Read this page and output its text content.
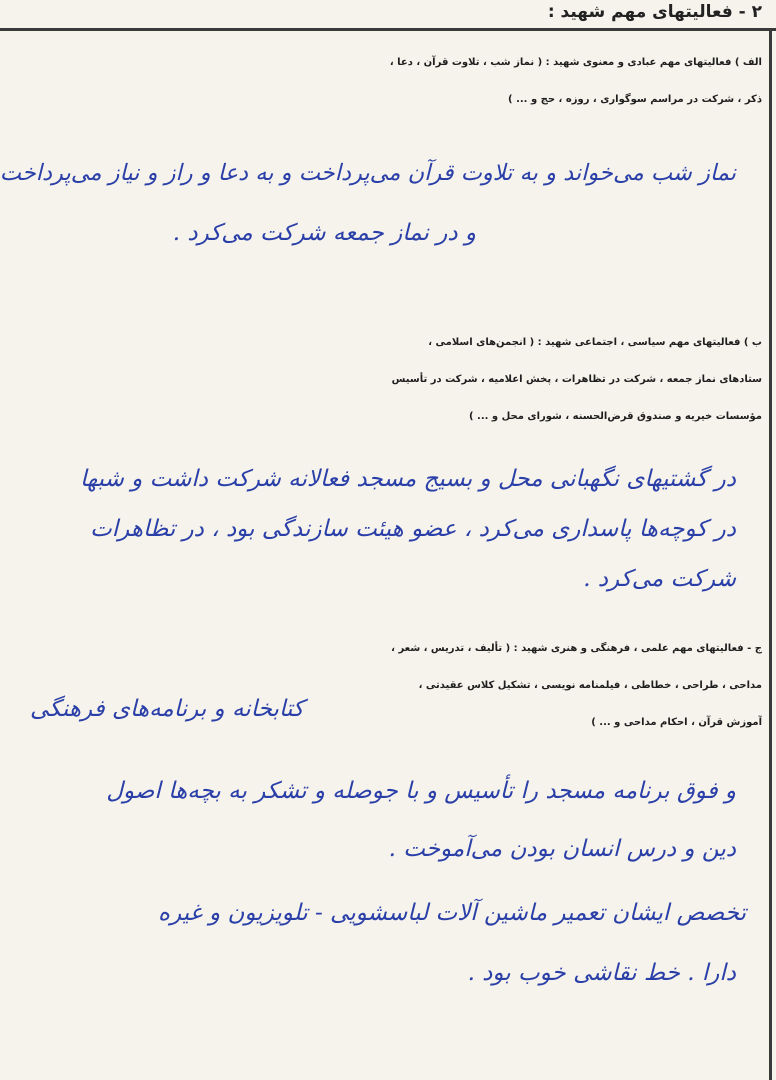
۲ - فعالیتهای مهم شهید :
الف ) فعالیتهای مهم عبادی و معنوی شهید : ( نماز شب ، تلاوت قرآن ، دعا ،
ذکر ، شرکت در مراسم سوگواری ، روزه ، حج و ... )
نماز شب می‌خواند و به تلاوت قرآن می‌پرداخت و به دعا و راز و نیاز می‌پرداخت
و در نماز جمعه شرکت می‌کرد .
ب ) فعالیتهای مهم سیاسی ، اجتماعی شهید : ( انجمن‌های اسلامی ،
ستادهای نماز جمعه ، شرکت در تظاهرات ، پخش اعلامیه ، شرکت در تأسیس
مؤسسات خیریه و صندوق قرض‌الحسنه ، شورای محل و ... )
در گشتیهای نگهبانی محل و بسیج مسجد فعالانه شرکت داشت و شبها
در کوچه‌ها پاسداری می‌کرد ، عضو هیئت سازندگی بود ، در تظاهرات
شرکت می‌کرد .
ج - فعالیتهای مهم علمی ، فرهنگی و هنری شهید : ( تألیف ، تدریس ، شعر ،
مداحی ، طراحی ، خطاطی ، فیلمنامه نویسی ، تشکیل کلاس عقیدتی ،
آموزش قرآن ، احکام مداحی و ... )
کتابخانه و برنامه‌های فرهنگی
و فوق برنامه مسجد را تأسیس و با جوصله و تشکر به بچه‌ها اصول
دین و درس انسان بودن می‌آموخت .
تخصص ایشان تعمیر ماشین آلات لباسشویی - تلویزیون و غیره
دارا . خط نقاشی خوب بود .
